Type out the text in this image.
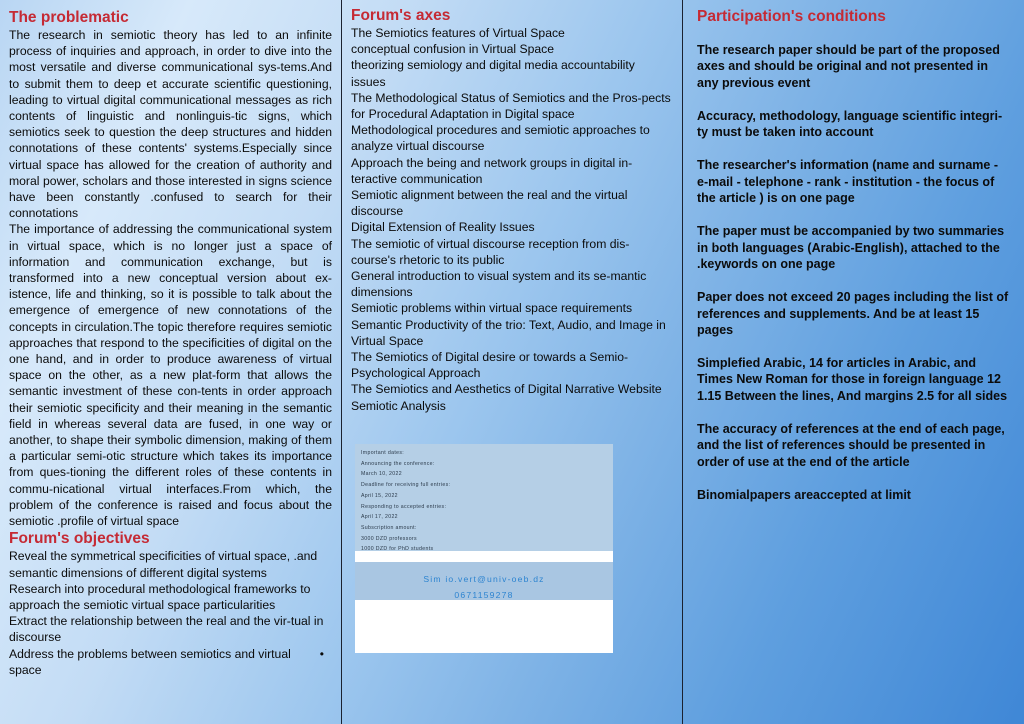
The problematic

The research in semiotic theory has led to an infinite process of inquiries and approach, in order to dive into the most versatile and diverse communicational sys-tems.And to submit them to deep et accurate scientific questioning, leading to virtual digital communicational messages as rich contents of linguistic and nonlinguis-tic signs, which semiotics seek to question the deep structures and hidden connotations of these contents' systems.Especially since virtual space has allowed for the creation of authority and moral power, scholars and those interested in signs science have been constantly .confused to search for their connotations

The importance of addressing the communicational system in virtual space, which is no longer just a space of information and communication exchange, but is transformed into a new conceptual version about ex-istence, life and thinking, so it is possible to talk about the emergence of emergence of new connotations of the concepts in circulation.The topic therefore requires semiotic approaches that respond to the specificities of digital on the one hand, and in order to produce awareness of virtual space on the other, as a new plat-form that allows the semantic investment of these con-tents in order approach their semiotic specificity and their meaning in the semantic field in whereas several data are fused, in one way or another, to shape their symbolic dimension, making of them a particular semi-otic structure which takes its importance from ques-tioning the different roles of these contents in commu-nicational virtual interfaces.From which, the problem of the conference is raised and focus about the semiotic .profile of virtual space

Forum's objectives

Reveal the symmetrical specificities of virtual space, .and semantic dimensions of different digital systems

Research into procedural methodological frameworks to approach the semiotic virtual space particularities

Extract the relationship between the real and the vir-tual in discourse

Address the problems between semiotics and virtual space
•
Forum's axes

The Semiotics features of Virtual Space

conceptual confusion in Virtual Space

theorizing semiology and digital media accountability issues

The Methodological Status of Semiotics and the Pros-pects for Procedural Adaptation in Digital space

Methodological procedures and semiotic approaches to analyze virtual discourse

Approach the being and network groups in digital in-teractive communication

Semiotic alignment between the real and the virtual discourse

Digital Extension of Reality Issues

The semiotic of virtual discourse reception from dis-course's rhetoric to its public

General introduction to visual system and its se-mantic dimensions

Semiotic problems within virtual space requirements

Semantic Productivity of the trio: Text, Audio, and Image in Virtual Space

The Semiotics of Digital desire or towards a Semio-Psychological Approach

The Semiotics and Aesthetics of Digital Narrative Website Semiotic Analysis

Important dates:
Announcing the conference:
March 10, 2022
Deadline for receiving full entries:
April 15, 2022
Responding to accepted entries:
April 17, 2022
Subscription amount:
3000 DZD professors
1000 DZD for PhD students
Sim io.vert@univ-oeb.dz
0671159278
Participation's conditions

The research paper should be part of the proposed axes and should be original and not presented in any previous event

Accuracy, methodology, language scientific integri-ty must be taken into account

The researcher's information (name and surname - e-mail - telephone - rank - institution - the focus of the article ) is on one page

The paper must be accompanied by two summaries in both languages (Arabic-English), attached to the .keywords on one page

Paper does not exceed 20 pages including the list of references and supplements. And be at least 15 pages

Simplefied Arabic, 14 for articles in Arabic, and Times New Roman for those in foreign language 12 1.15 Between the lines, And margins 2.5 for all sides

The accuracy of references at the end of each page, and the list of references should be presented in order of use at the end of the article

Binomialpapers areaccepted at limit
